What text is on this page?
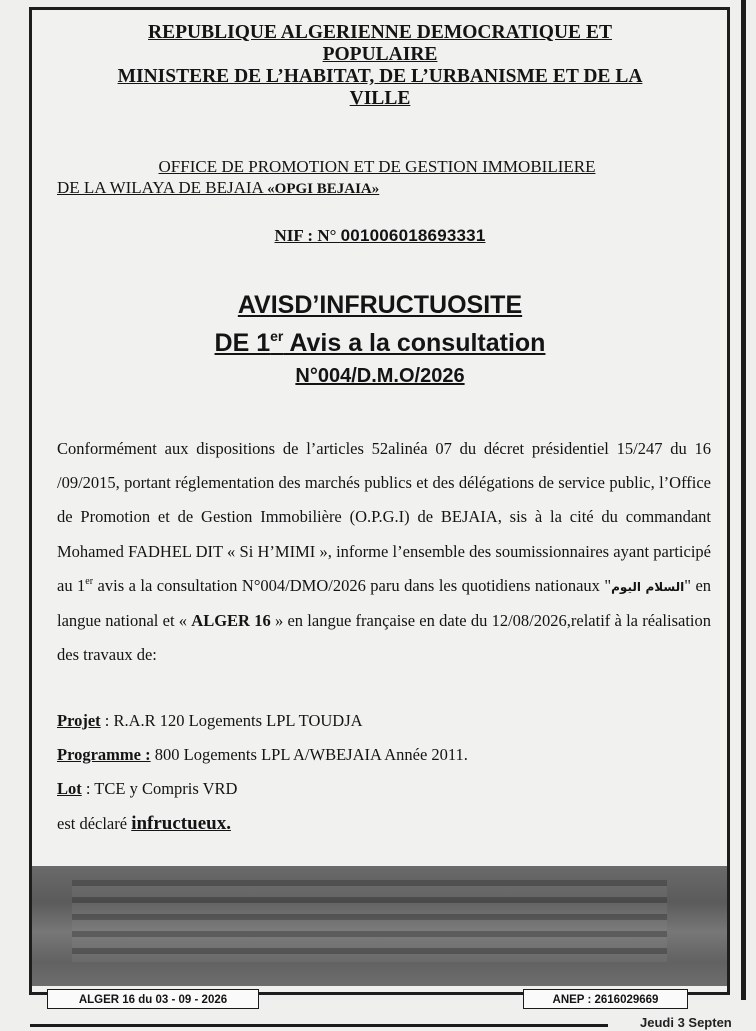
REPUBLIQUE ALGERIENNE DEMOCRATIQUE ET
POPULAIRE
MINISTERE DE L’HABITAT, DE L’URBANISME ET DE LA
VILLE
OFFICE DE PROMOTION ET DE GESTION IMMOBILIERE
DE LA WILAYA DE BEJAIA «OPGI BEJAIA»
NIF : N° 001006018693331
AVISD’INFRUCTUOSITE
DE 1er Avis a la consultation
N°004/D.M.O/2026
Conformément aux dispositions de l’articles 52alinéa 07 du décret présidentiel 15/247 du 16 /09/2015, portant réglementation des marchés publics et des délégations de service public, l’Office de Promotion et de Gestion Immobilière (O.P.G.I) de BEJAIA, sis à la cité du commandant Mohamed FADHEL DIT « Si H’MIMI », informe l’ensemble des soumissionnaires ayant participé au 1er avis a la consultation N°004/DMO/2026 paru dans les quotidiens nationaux "السلام اليوم" en langue national et « ALGER 16 » en langue française en date du 12/08/2026,relatif à la réalisation des travaux de:
Projet : R.A.R 120 Logements LPL TOUDJA
Programme : 800 Logements LPL A/WBEJAIA Année 2011.
Lot : TCE y Compris VRD
est déclaré infructueux.
ALGER 16 du 03 - 09 - 2026	ANEP : 2616029669
Jeudi 3 Septen
